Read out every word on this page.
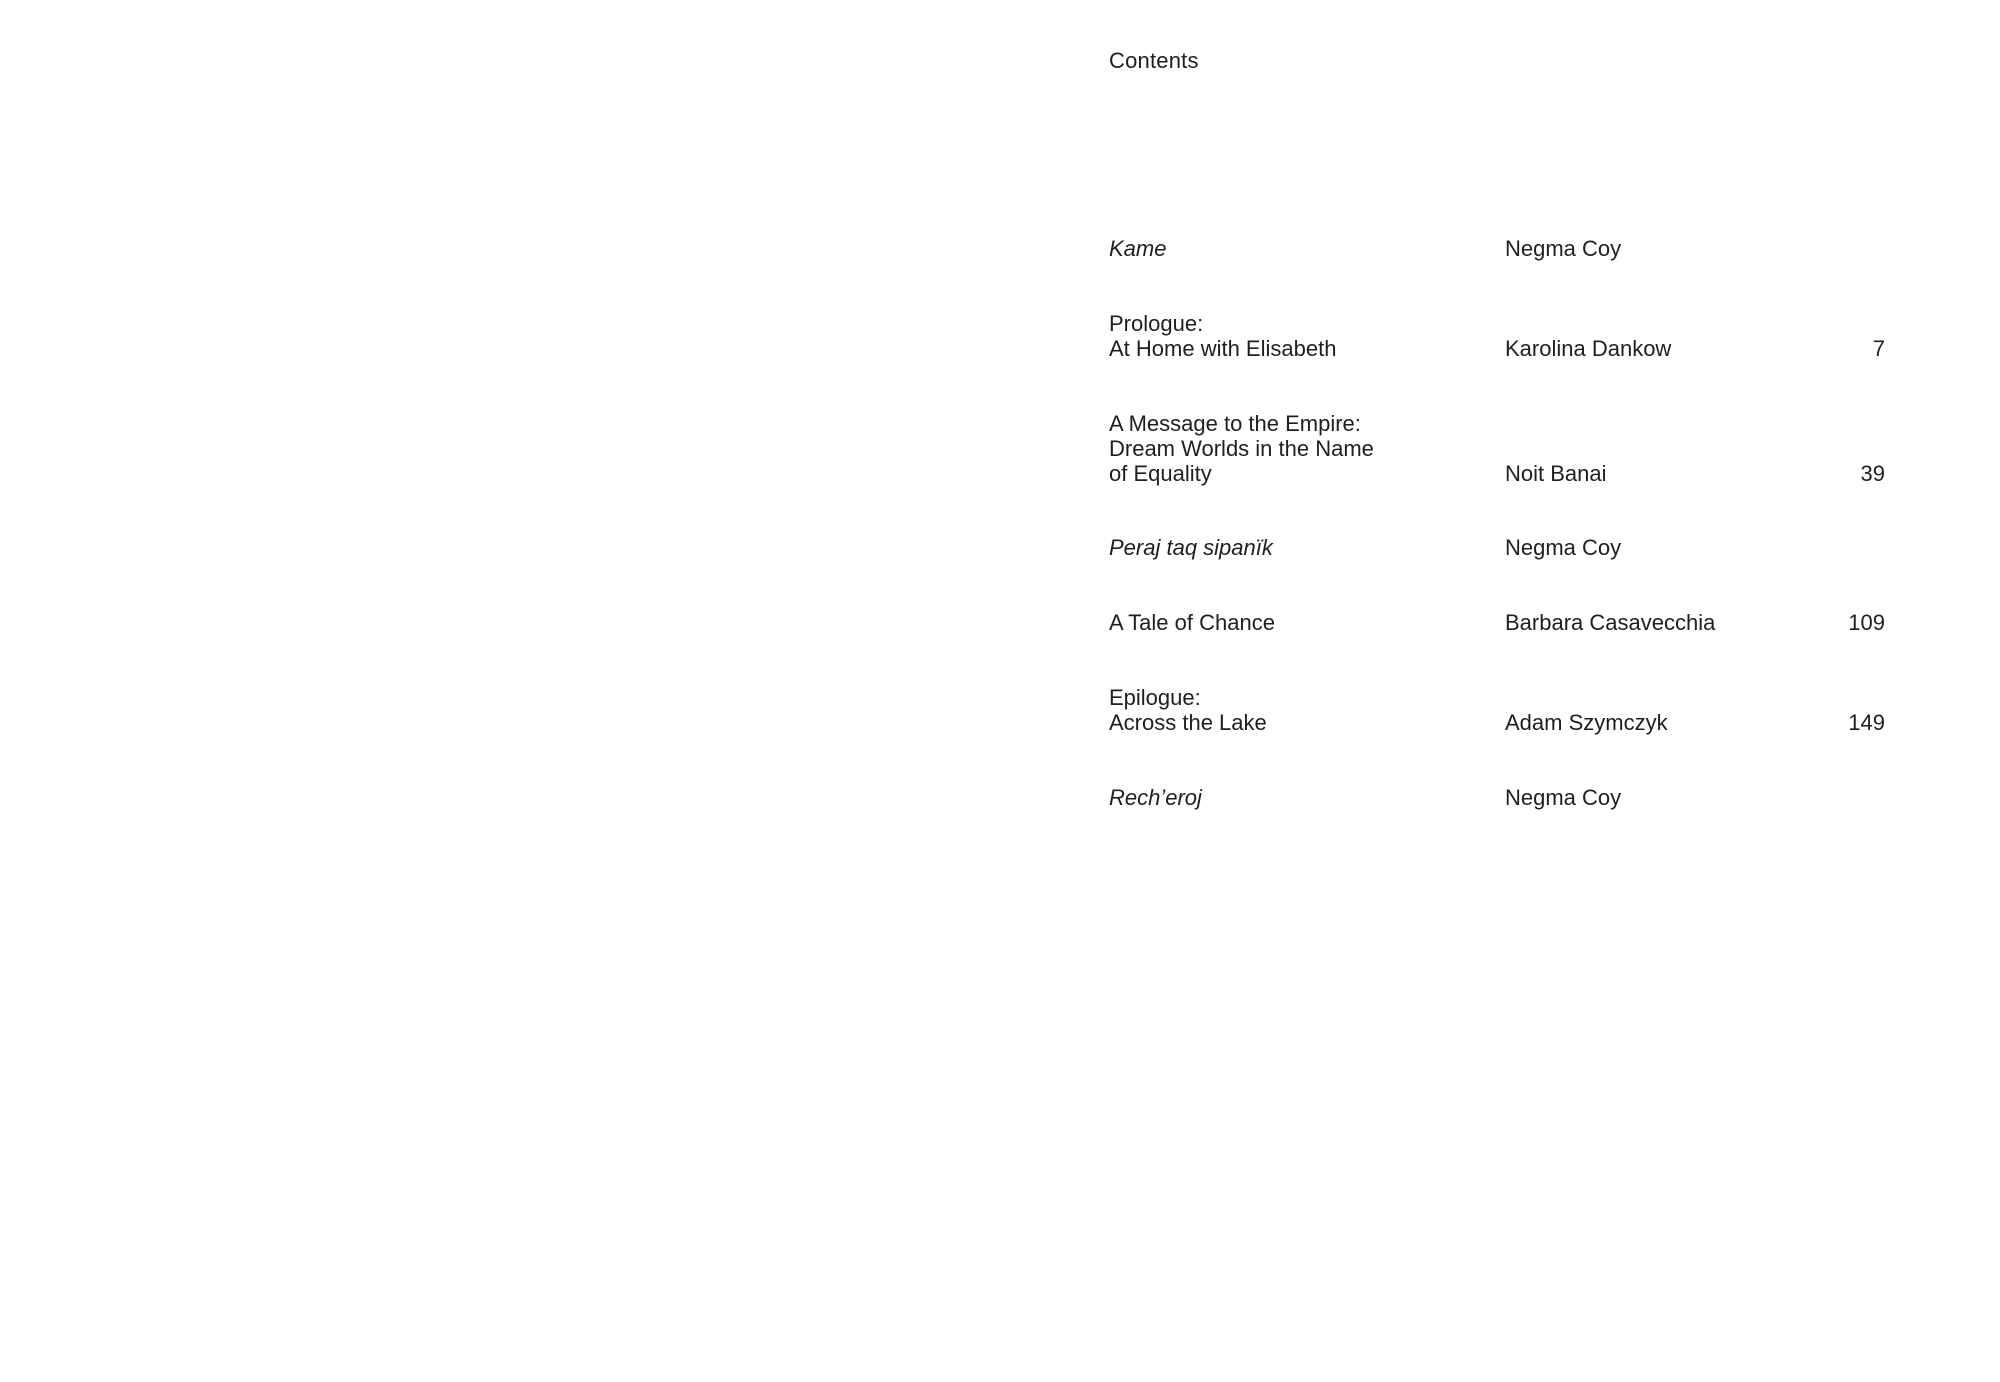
Contents
Kame	Negma Coy
Prologue:
At Home with Elisabeth	Karolina Dankow	7
A Message to the Empire:
Dream Worlds in the Name
of Equality	Noit Banai	39
Peraj taq sipanïk	Negma Coy
A Tale of Chance	Barbara Casavecchia	109
Epilogue:
Across the Lake	Adam Szymczyk	149
Rech’eroj	Negma Coy
